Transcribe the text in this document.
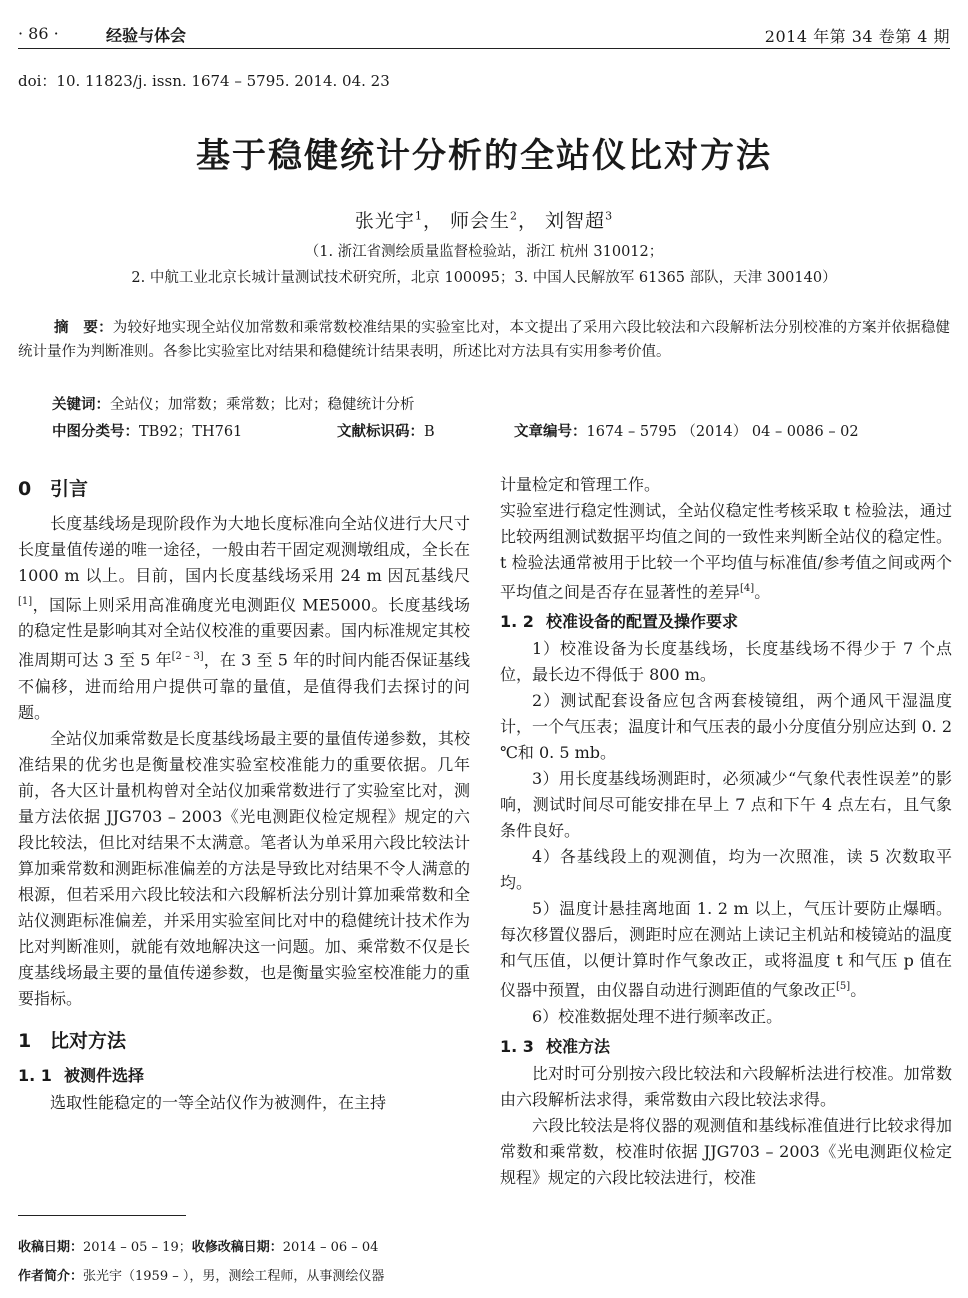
· 86 ·	经验与体会	2014 年第 34 卷第 4 期
doi：10. 11823/j. issn. 1674 – 5795. 2014. 04. 23
基于稳健统计分析的全站仪比对方法
张光宇$^1$， 师会生$^2$， 刘智超$^3$
（1. 浙江省测绘质量监督检验站，浙江 杭州 310012；
2. 中航工业北京长城计量测试技术研究所，北京 100095；3. 中国人民解放军 61365 部队，天津 300140）
摘　要：为较好地实现全站仪加常数和乘常数校准结果的实验室比对，本文提出了采用六段比较法和六段解析法分别校准的方案并依据稳健统计量作为判断准则。各参比实验室比对结果和稳健统计结果表明，所述比对方法具有实用参考价值。
关键词：全站仪；加常数；乘常数；比对；稳健统计分析
中图分类号：TB92；TH761	文献标识码：B	文章编号：1674 – 5795 （2014） 04 – 0086 – 02
0 引言

长度基线场是现阶段作为大地长度标准向全站仪进行大尺寸长度量值传递的唯一途径，一般由若干固定观测墩组成，全长在 1000 m 以上。目前，国内长度基线场采用 24 m 因瓦基线尺[1]，国际上则采用高准确度光电测距仪 ME5000。长度基线场的稳定性是影响其对全站仪校准的重要因素。国内标准规定其校准周期可达 3 至 5 年[2 – 3]，在 3 至 5 年的时间内能否保证基线不偏移，进而给用户提供可靠的量值，是值得我们去探讨的问题。

全站仪加乘常数是长度基线场最主要的量值传递参数，其校准结果的优劣也是衡量校准实验室校准能力的重要依据。几年前，各大区计量机构曾对全站仪加乘常数进行了实验室比对，测量方法依据 JJG703 – 2003《光电测距仪检定规程》规定的六段比较法，但比对结果不太满意。笔者认为单采用六段比较法计算加乘常数和测距标准偏差的方法是导致比对结果不令人满意的根源，但若采用六段比较法和六段解析法分别计算加乘常数和全站仪测距标准偏差，并采用实验室间比对中的稳健统计技术作为比对判断准则，就能有效地解决这一问题。加、乘常数不仅是长度基线场最主要的量值传递参数，也是衡量实验室校准能力的重要指标。

1 比对方法
1. 1 被测件选择

选取性能稳定的一等全站仪作为被测件，在主持

收稿日期：2014 – 05 – 19；收修改稿日期：2014 – 06 – 04
作者简介：张光宇（1959 – ），男，测绘工程师，从事测绘仪器

计量检定和管理工作。

实验室进行稳定性测试，全站仪稳定性考核采取 t 检验法，通过比较两组测试数据平均值之间的一致性来判断全站仪的稳定性。t 检验法通常被用于比较一个平均值与标准值/参考值之间或两个平均值之间是否存在显著性的差异[4]。

1. 2 校准设备的配置及操作要求

1）校准设备为长度基线场，长度基线场不得少于 7 个点位，最长边不得低于 800 m。

2）测试配套设备应包含两套棱镜组，两个通风干湿温度计，一个气压表；温度计和气压表的最小分度值分别应达到 0. 2 ℃和 0. 5 mb。

3）用长度基线场测距时，必须减少“气象代表性误差”的影响，测试时间尽可能安排在早上 7 点和下午 4 点左右，且气象条件良好。

4）各基线段上的观测值，均为一次照准，读 5 次数取平均。

5）温度计悬挂离地面 1. 2 m 以上，气压计要防止爆晒。每次移置仪器后，测距时应在测站上读记主机站和棱镜站的温度和气压值，以便计算时作气象改正，或将温度 t 和气压 p 值在仪器中预置，由仪器自动进行测距值的气象改正[5]。

6）校准数据处理不进行频率改正。

1. 3 校准方法

比对时可分别按六段比较法和六段解析法进行校准。加常数由六段解析法求得，乘常数由六段比较法求得。

六段比较法是将仪器的观测值和基线标准值进行比较求得加常数和乘常数，校准时依据 JJG703 – 2003《光电测距仪检定规程》规定的六段比较法进行，校准
